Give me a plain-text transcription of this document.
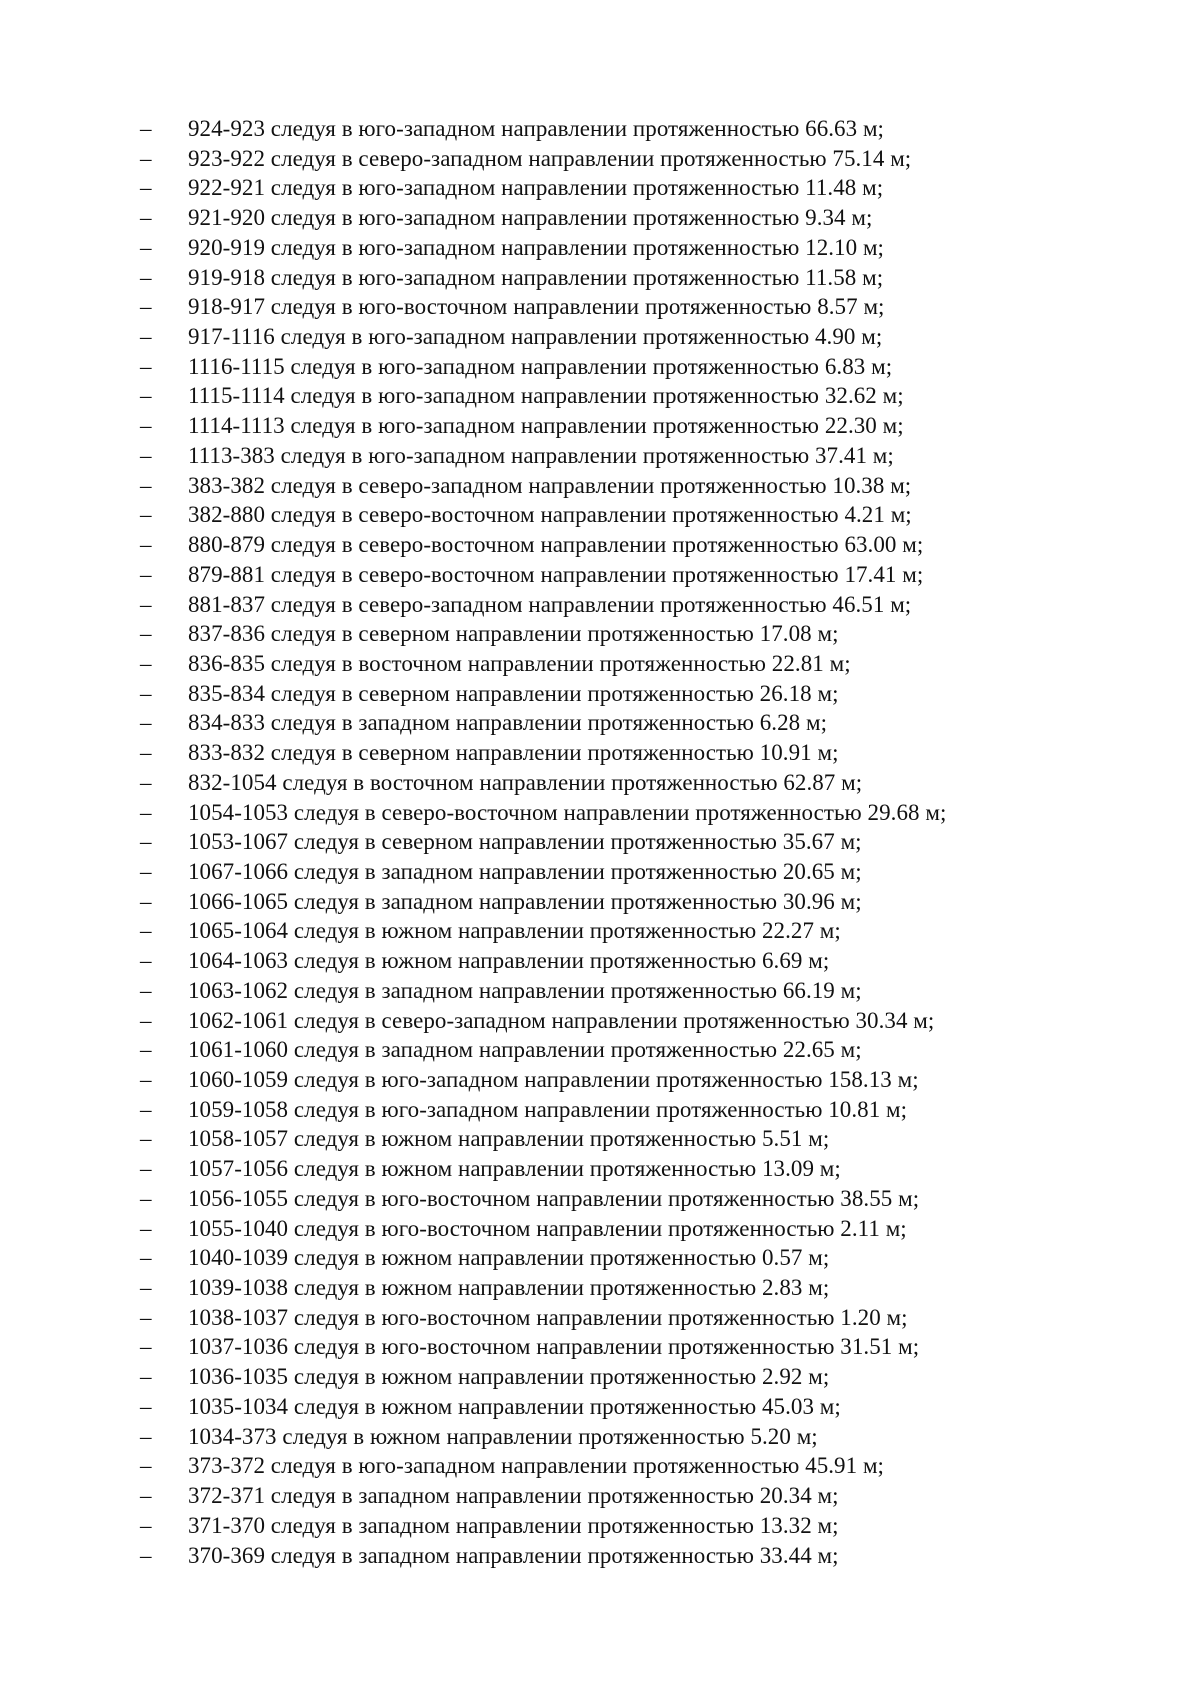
– 924-923 следуя в юго-западном направлении протяженностью 66.63 м;
– 923-922 следуя в северо-западном направлении протяженностью 75.14 м;
– 922-921 следуя в юго-западном направлении протяженностью 11.48 м;
– 921-920 следуя в юго-западном направлении протяженностью 9.34 м;
– 920-919 следуя в юго-западном направлении протяженностью 12.10 м;
– 919-918 следуя в юго-западном направлении протяженностью 11.58 м;
– 918-917 следуя в юго-восточном направлении протяженностью 8.57 м;
– 917-1116 следуя в юго-западном направлении протяженностью 4.90 м;
– 1116-1115 следуя в юго-западном направлении протяженностью 6.83 м;
– 1115-1114 следуя в юго-западном направлении протяженностью 32.62 м;
– 1114-1113 следуя в юго-западном направлении протяженностью 22.30 м;
– 1113-383 следуя в юго-западном направлении протяженностью 37.41 м;
– 383-382 следуя в северо-западном направлении протяженностью 10.38 м;
– 382-880 следуя в северо-восточном направлении протяженностью 4.21 м;
– 880-879 следуя в северо-восточном направлении протяженностью 63.00 м;
– 879-881 следуя в северо-восточном направлении протяженностью 17.41 м;
– 881-837 следуя в северо-западном направлении протяженностью 46.51 м;
– 837-836 следуя в северном направлении протяженностью 17.08 м;
– 836-835 следуя в восточном направлении протяженностью 22.81 м;
– 835-834 следуя в северном направлении протяженностью 26.18 м;
– 834-833 следуя в западном направлении протяженностью 6.28 м;
– 833-832 следуя в северном направлении протяженностью 10.91 м;
– 832-1054 следуя в восточном направлении протяженностью 62.87 м;
– 1054-1053 следуя в северо-восточном направлении протяженностью 29.68 м;
– 1053-1067 следуя в северном направлении протяженностью 35.67 м;
– 1067-1066 следуя в западном направлении протяженностью 20.65 м;
– 1066-1065 следуя в западном направлении протяженностью 30.96 м;
– 1065-1064 следуя в южном направлении протяженностью 22.27 м;
– 1064-1063 следуя в южном направлении протяженностью 6.69 м;
– 1063-1062 следуя в западном направлении протяженностью 66.19 м;
– 1062-1061 следуя в северо-западном направлении протяженностью 30.34 м;
– 1061-1060 следуя в западном направлении протяженностью 22.65 м;
– 1060-1059 следуя в юго-западном направлении протяженностью 158.13 м;
– 1059-1058 следуя в юго-западном направлении протяженностью 10.81 м;
– 1058-1057 следуя в южном направлении протяженностью 5.51 м;
– 1057-1056 следуя в южном направлении протяженностью 13.09 м;
– 1056-1055 следуя в юго-восточном направлении протяженностью 38.55 м;
– 1055-1040 следуя в юго-восточном направлении протяженностью 2.11 м;
– 1040-1039 следуя в южном направлении протяженностью 0.57 м;
– 1039-1038 следуя в южном направлении протяженностью 2.83 м;
– 1038-1037 следуя в юго-восточном направлении протяженностью 1.20 м;
– 1037-1036 следуя в юго-восточном направлении протяженностью 31.51 м;
– 1036-1035 следуя в южном направлении протяженностью 2.92 м;
– 1035-1034 следуя в южном направлении протяженностью 45.03 м;
– 1034-373 следуя в южном направлении протяженностью 5.20 м;
– 373-372 следуя в юго-западном направлении протяженностью 45.91 м;
– 372-371 следуя в западном направлении протяженностью 20.34 м;
– 371-370 следуя в западном направлении протяженностью 13.32 м;
– 370-369 следуя в западном направлении протяженностью 33.44 м;
